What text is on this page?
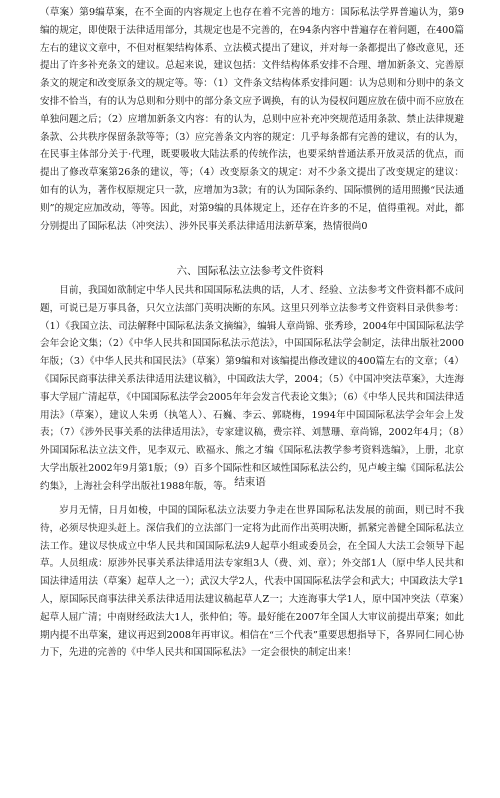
（草案）第9编草案，在不全面的内容规定上也存在着不完善的地方：国际私法学界普遍认为，第9编的规定，即使限于法律适用部分，其规定也是不完善的，在94条内容中普遍存在着问题，在400篇左右的建议文章中，不但对框架结构体系、立法模式提出了建议，并对每一条都提出了修改意见，还提出了许多补充条文的建议。总起来说，建议包括：文件结构体系安排不合理、增加新条文、完善原条文的规定和改变原条文的规定等。等：（1）文件条文结构体系安排问题：认为总则和分则中的条文安排不恰当，有的认为总则和分则中的部分条文应予调换，有的认为侵权问题应放在债中而不应放在单独问题之后；（2）应增加新条文内容：有的认为，总则中应补充冲突规范适用条款、禁止法律规避条款、公共秩序保留条款等等；（3）应完善条文内容的规定：几乎每条都有完善的建议，有的认为，在民事主体部分关于·代理，既要吸收大陆法系的传统作法，也要采纳普通法系开放灵活的优点，而提出了修改草案第26条的建议，等；（4）改变原条文的规定：对不少条文提出了改变规定的建议：如有的认为，著作权原规定只一款，应增加为3款；有的认为国际条约、国际惯例的适用照搬“民法通则”的规定应加改动，等等。因此，对第9编的具体规定上，还存在许多的不足，值得重视。对此，都分别提出了国际私法（冲突法）、涉外民事关系法律适用法新草案，热情很尚0

六、国际私法立法参考文件资料

目前，我国如欲制定中华人民共和国国际私法典的话，人才、经验、立法参考文件资料都不成问题，可说已是万事具备，只欠立法部门英明决断的东风。这里只列举立法参考文件资料目录供参考：（1）《我国立法、司法解释中国际私法条文摘编》，编辑人章尚锦、张秀珍，2004年中国国际私法学会年会论文集；（2）《中华人民共和国国际私法示范法》，中国国际私法学会制定，法律出版社2000年版；（3）《中华人民共和国民法》（草案）第9编和对该编提出修改建议的400篇左右的文章；（4）《国际民商事法律关系法律适用法建议稿》，中国政法大学，2004；（5）《中国冲突法草案》，大连海事大学屈广清起草，《中国国际私法学会2005年年会发言代表论文集》；（6）《中华人民共和国法律适用法》（草案），建议人朱勇（执笔人）、石巍、李云、郭晓梅，1994年中国国际私法学会年会上发表；（7）《涉外民事关系的法律适用法》，专家建议稿，费宗祥、刘慧珊、章尚锦，2002年4月；（8）外国国际私法立法文件，见李双元、欧福永、熊之才编《国际私法教学参考资料选编》，上册，北京大学出版社2002年9月第1版；（9）百多个国际性和区域性国际私法公约，见卢峻主编《国际私法公约集》，上海社会科学出版社1988年版，等。 结束语

岁月无情，日月如梭，中国的国际私法立法要力争走在世界国际私法发展的前面，则已时不我待，必须尽快迎头赶上。深信我们的立法部门一定将为此而作出英明决断，抓紧完善健全国际私法立法工作。建议尽快成立中华人民共和国国际私法9人起草小组或委员会，在全国人大法工会领导下起草。人员组成：原涉外民事关系法律适用法专家组3人（费、刘、章）；外交部1人（原中华人民共和国法律适用法（草案）起草人之一）；武汉大学2人，代表中国国际私法学会和武大；中国政法大学1人，原国际民商事法律关系法律适用法建议稿起草人Z一；大连海事大学1人，原中国冲突法（草案）起草人屈广清；中南财经政法大1人，张仲伯；等。最好能在2007年全国人大审议前提出草案；如此期内提不出草案，建议再迟到2008年再审议。相信在“三个代表”重要思想指导下，各界同仁同心协力下，先进的完善的《中华人民共和国国际私法》一定会很快的制定出来！
